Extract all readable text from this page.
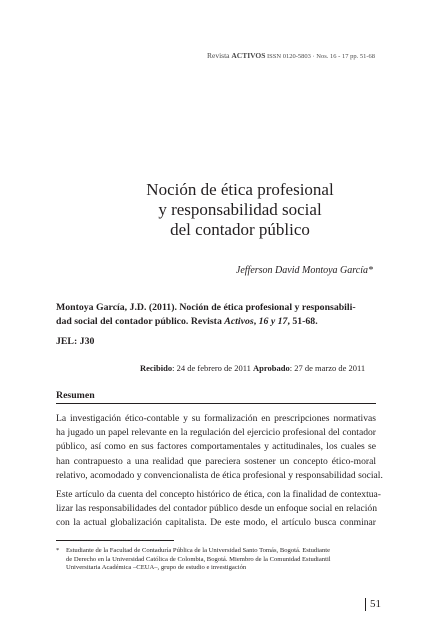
Revista ACTIVOS ISSN 0120-5803 · Nos. 16 - 17 pp. 51-68
Noción de ética profesional
y responsabilidad social
del contador público
Jefferson David Montoya García*
Montoya García, J.D. (2011). Noción de ética profesional y responsabili-
dad social del contador público. Revista Activos, 16 y 17, 51-68.
JEL: J30
Recibido: 24 de febrero de 2011 Aprobado: 27 de marzo de 2011
Resumen
La investigación ético-contable y su formalización en prescripciones normativas
ha jugado un papel relevante en la regulación del ejercicio profesional del contador
público, así como en sus factores comportamentales y actitudinales, los cuales se
han contrapuesto a una realidad que pareciera sostener un concepto ético-moral
relativo, acomodado y convencionalista de ética profesional y responsabilidad social.
Este artículo da cuenta del concepto histórico de ética, con la finalidad de contextua-
lizar las responsabilidades del contador público desde un enfoque social en relación
con la actual globalización capitalista. De este modo, el artículo busca conminar
* Estudiante de la Facultad de Contaduría Pública de la Universidad Santo Tomás, Bogotá. Estudiante
de Derecho en la Universidad Católica de Colombia, Bogotá. Miembro de la Comunidad Estudiantil
Universitaria Académica –CEUA–, grupo de estudio e investigación
51
